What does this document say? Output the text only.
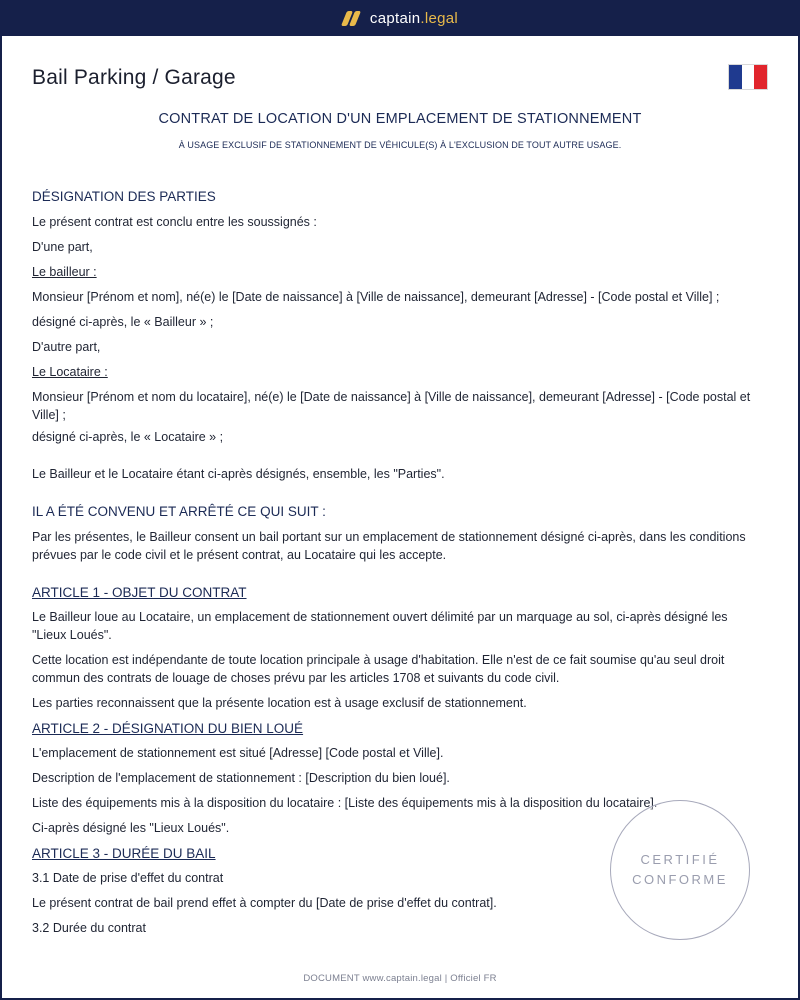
captain.legal
Bail Parking / Garage
CONTRAT DE LOCATION D'UN EMPLACEMENT DE STATIONNEMENT
À USAGE EXCLUSIF DE STATIONNEMENT DE VÉHICULE(S) À L'EXCLUSION DE TOUT AUTRE USAGE.
DÉSIGNATION DES PARTIES

Le présent contrat est conclu entre les soussignés :

D'une part,

Le bailleur :

Monsieur [Prénom et nom], né(e) le [Date de naissance] à [Ville de naissance], demeurant [Adresse] - [Code postal et Ville] ;

désigné ci-après, le « Bailleur » ;

D'autre part,

Le Locataire :

Monsieur [Prénom et nom du locataire], né(e) le [Date de naissance] à [Ville de naissance], demeurant [Adresse] - [Code postal et Ville] ;

désigné ci-après, le « Locataire » ;

Le Bailleur et le Locataire étant ci-après désignés, ensemble, les "Parties".

IL A ÉTÉ CONVENU ET ARRÊTÉ CE QUI SUIT :

Par les présentes, le Bailleur consent un bail portant sur un emplacement de stationnement désigné ci-après, dans les conditions prévues par le code civil et le présent contrat, au Locataire qui les accepte.

ARTICLE 1 - OBJET DU CONTRAT

Le Bailleur loue au Locataire, un emplacement de stationnement ouvert délimité par un marquage au sol, ci-après désigné les "Lieux Loués".

Cette location est indépendante de toute location principale à usage d'habitation. Elle n'est de ce fait soumise qu'au seul droit commun des contrats de louage de choses prévu par les articles 1708 et suivants du code civil.

Les parties reconnaissent que la présente location est à usage exclusif de stationnement.

ARTICLE 2 - DÉSIGNATION DU BIEN LOUÉ

L'emplacement de stationnement est situé [Adresse] [Code postal et Ville].

Description de l'emplacement de stationnement : [Description du bien loué].

Liste des équipements mis à la disposition du locataire : [Liste des équipements mis à la disposition du locataire].

Ci-après désigné les "Lieux Loués".

ARTICLE 3 - DURÉE DU BAIL

3.1 Date de prise d'effet du contrat

Le présent contrat de bail prend effet à compter du [Date de prise d'effet du contrat].

3.2 Durée du contrat

CERTIFIÉ
CONFORME
DOCUMENT www.captain.legal | Officiel FR
